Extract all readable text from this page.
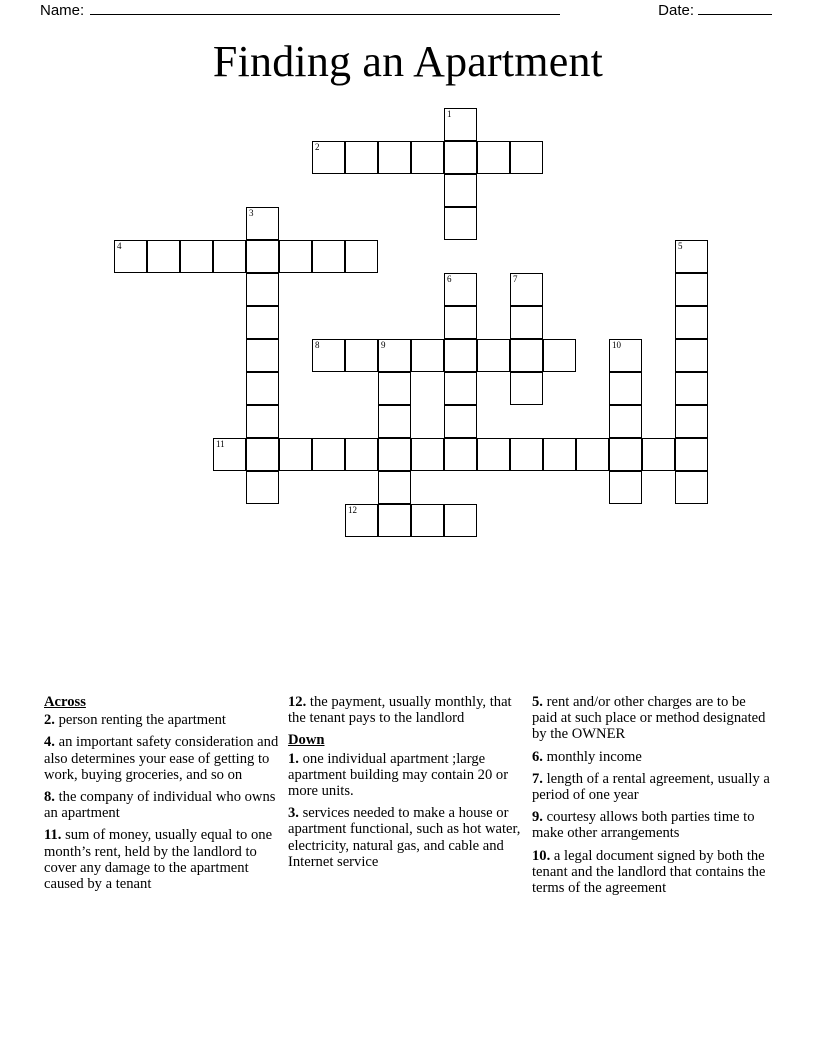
Name:	Date:
Finding an Apartment
1
2
3
4	5
6	7
8	9	10
11
12
Across
2. person renting the apartment
4. an important safety consideration and also determines your ease of getting to work, buying groceries, and so on
8. the company of individual who owns an apartment
11. sum of money, usually equal to one month’s rent, held by the landlord to cover any damage to the apartment caused by a tenant
12. the payment, usually monthly, that the tenant pays to the landlord
Down
1. one individual apartment ;large apartment building may contain 20 or more units.
3. services needed to make a house or apartment functional, such as hot water, electricity, natural gas, and cable and Internet service
5. rent and/or other charges are to be paid at such place or method designated by the OWNER
6. monthly income
7. length of a rental agreement, usually a period of one year
9. courtesy allows both parties time to make other arrangements
10. a legal document signed by both the tenant and the landlord that contains the terms of the agreement
